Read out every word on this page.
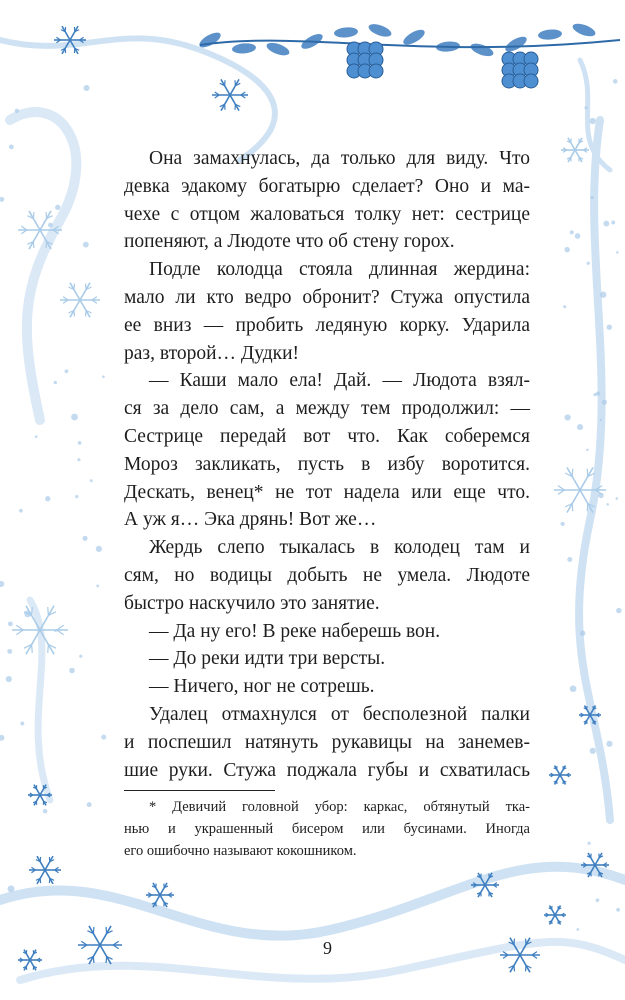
Она замахнулась, да только для виду. Что
девка эдакому богатырю сделает? Оно и ма-
чехе с отцом жаловаться толку нет: сестрице
попеняют, а Людоте что об стену горох.
Подле колодца стояла длинная жердина:
мало ли кто ведро обронит? Стужа опустила
ее вниз — пробить ледяную корку. Ударила
раз, второй… Дудки!
— Каши мало ела! Дай. — Людота взял-
ся за дело сам, а между тем продолжил: —
Сестрице передай вот что. Как соберемся
Мороз закликать, пусть в избу воротится.
Дескать, венец* не тот надела или еще что.
А уж я… Эка дрянь! Вот же…
Жердь слепо тыкалась в колодец там и
сям, но водицы добыть не умела. Людоте
быстро наскучило это занятие.
— Да ну его! В реке наберешь вон.
— До реки идти три версты.
— Ничего, ног не сотрешь.
Удалец отмахнулся от бесполезной палки
и поспешил натянуть рукавицы на занемев-
шие руки. Стужа поджала губы и схватилась
* Девичий головной убор: каркас, обтянутый тка-
нью и украшенный бисером или бусинами. Иногда
его ошибочно называют кокошником.
9
